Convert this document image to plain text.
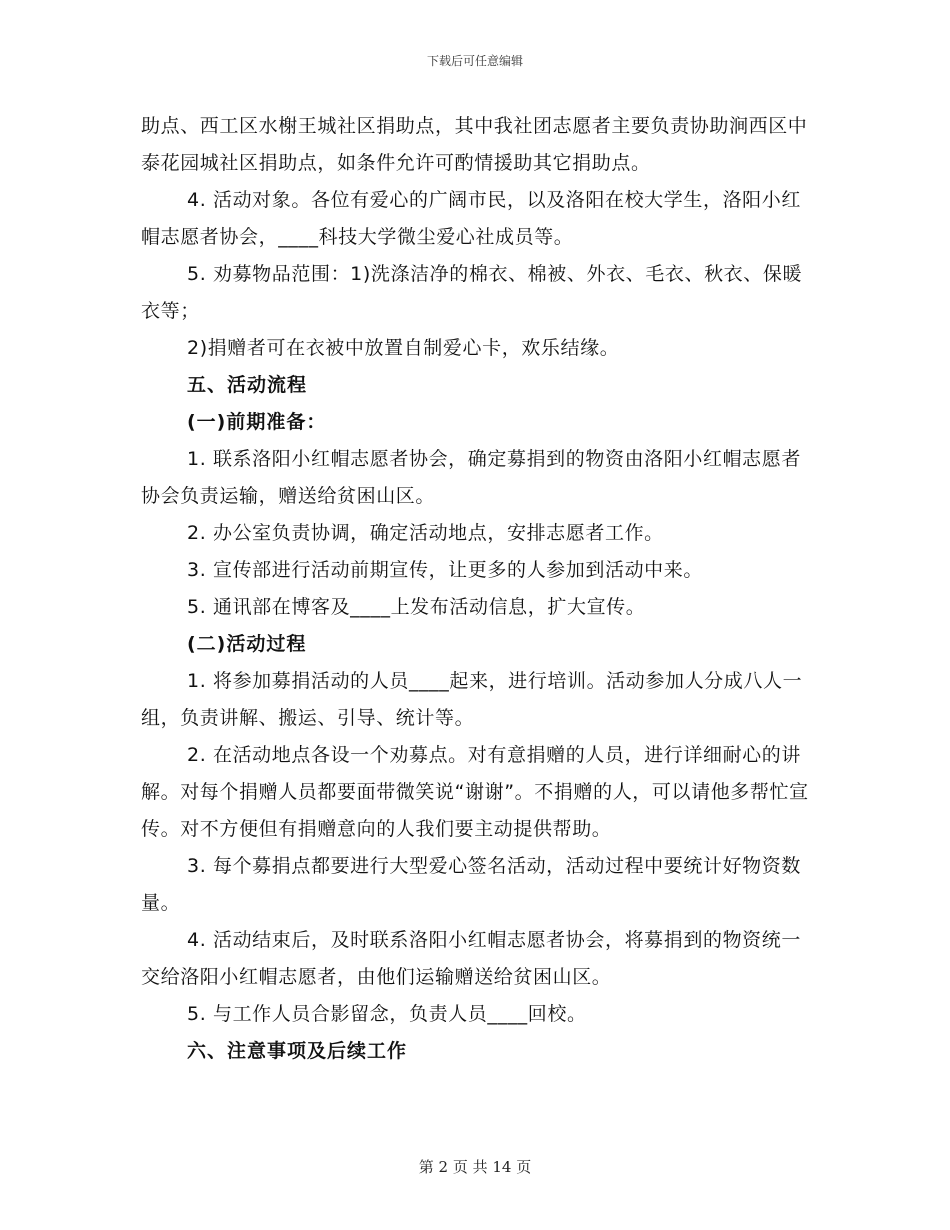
下载后可任意编辑

助点、西工区水榭王城社区捐助点，其中我社团志愿者主要负责协助涧西区中泰花园城社区捐助点，如条件允许可酌情援助其它捐助点。

4. 活动对象。各位有爱心的广阔市民，以及洛阳在校大学生，洛阳小红帽志愿者协会，____科技大学微尘爱心社成员等。

5. 劝募物品范围：1)洗涤洁净的棉衣、棉被、外衣、毛衣、秋衣、保暖衣等；

2)捐赠者可在衣被中放置自制爱心卡，欢乐结缘。

五、活动流程

(一)前期准备：

1. 联系洛阳小红帽志愿者协会，确定募捐到的物资由洛阳小红帽志愿者协会负责运输，赠送给贫困山区。

2. 办公室负责协调，确定活动地点，安排志愿者工作。

3. 宣传部进行活动前期宣传，让更多的人参加到活动中来。

5. 通讯部在博客及____上发布活动信息，扩大宣传。

(二)活动过程

1. 将参加募捐活动的人员____起来，进行培训。活动参加人分成八人一组，负责讲解、搬运、引导、统计等。

2. 在活动地点各设一个劝募点。对有意捐赠的人员，进行详细耐心的讲解。对每个捐赠人员都要面带微笑说“谢谢”。不捐赠的人，可以请他多帮忙宣传。对不方便但有捐赠意向的人我们要主动提供帮助。

3. 每个募捐点都要进行大型爱心签名活动，活动过程中要统计好物资数量。

4. 活动结束后，及时联系洛阳小红帽志愿者协会，将募捐到的物资统一交给洛阳小红帽志愿者，由他们运输赠送给贫困山区。

5. 与工作人员合影留念，负责人员____回校。

六、注意事项及后续工作

第 2 页 共 14 页
